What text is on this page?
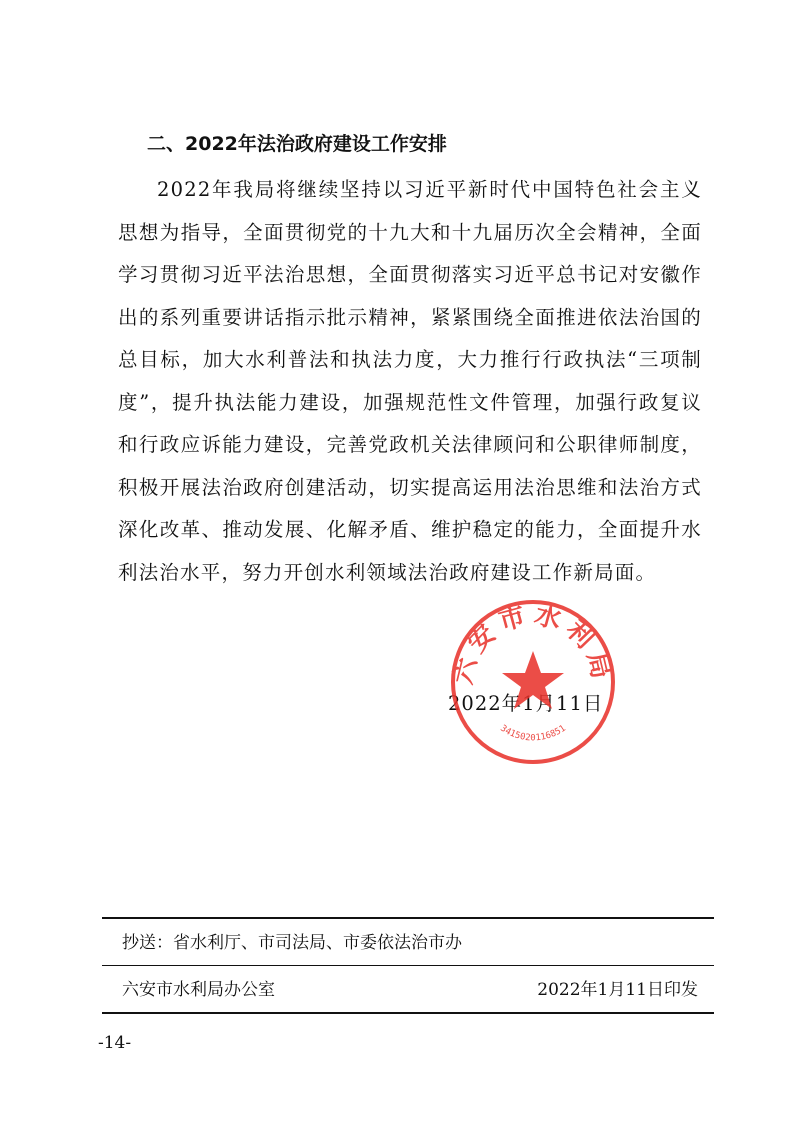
二、2022年法治政府建设工作安排

2022年我局将继续坚持以习近平新时代中国特色社会主义思想为指导，全面贯彻党的十九大和十九届历次全会精神，全面学习贯彻习近平法治思想，全面贯彻落实习近平总书记对安徽作出的系列重要讲话指示批示精神，紧紧围绕全面推进依法治国的总目标，加大水利普法和执法力度，大力推行行政执法“三项制度”，提升执法能力建设，加强规范性文件管理，加强行政复议和行政应诉能力建设，完善党政机关法律顾问和公职律师制度，积极开展法治政府创建活动，切实提高运用法治思维和法治方式深化改革、推动发展、化解矛盾、维护稳定的能力，全面提升水利法治水平，努力开创水利领域法治政府建设工作新局面。

2022年1月11日
六安市水利局
3415020116851
抄送：省水利厅、市司法局、市委依法治市办
六安市水利局办公室	2022年1月11日印发
-14-
